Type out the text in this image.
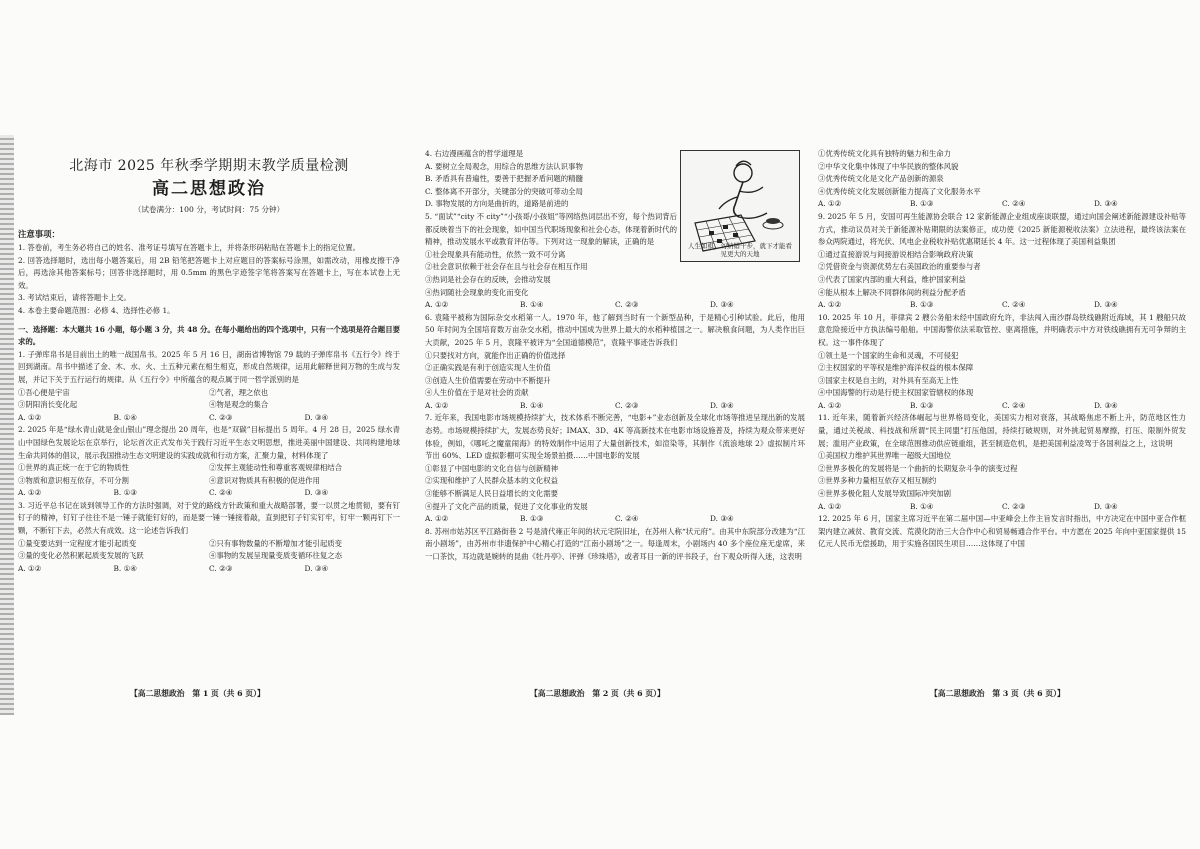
北海市 2025 年秋季学期期末教学质量检测
高二思想政治
（试卷满分：100 分，考试时间：75 分钟）
注意事项：

1. 答卷前，考生务必将自己的姓名、准考证号填写在答题卡上，并将条形码粘贴在答题卡上的指定位置。

2. 回答选择题时，选出每小题答案后，用 2B 铅笔把答题卡上对应题目的答案标号涂黑，如需改动，用橡皮擦干净后，再选涂其他答案标号；回答非选择题时，用 0.5mm 的黑色字迹签字笔将答案写在答题卡上，写在本试卷上无效。

3. 考试结束后，请将答题卡上交。

4. 本卷主要命题范围：必修 4、选择性必修 1。

一、选择题：本大题共 16 小题，每小题 3 分，共 48 分。在每小题给出的四个选项中，只有一个选项是符合题目要求的。

1. 子弹库帛书是目前出土的唯一战国帛书。2025 年 5 月 16 日，湖南省博物馆 79 载的子弹库帛书《五行令》终于回到湖南。帛书中描述了金、木、水、火、土五种元素在相生相克，形成自然规律，运用此解释世间万物的生成与发展，并记下关于五行运行的规律。从《五行令》中所蕴含的观点属于同一哲学派别的是

①吾心便是宇宙	②气者，理之依也
③阴阳消长变化起	④物是观念的集合
A. ①②	B. ①④	C. ②③	D. ③④

2. 2025 年是“绿水青山就是金山银山”理念提出 20 周年，也是“双碳”目标提出 5 周年。4 月 28 日，2025 绿水青山中国绿色发展论坛在京举行，论坛首次正式发布关于践行习近平生态文明思想，推进美丽中国建设、共同构建地球生命共同体的倡议，展示我国推动生态文明建设的实践成就和行动方案，汇聚力量，材料体现了

①世界的真正统一在于它的物质性	②发挥主观能动性和尊重客观规律相结合
③物质和意识相互依存，不可分割	④意识对物质具有积极的促进作用
A. ①②	B. ①③	C. ②④	D. ③④

3. 习近平总书记在谈到领导工作的方法时强调，对于党的路线方针政策和重大战略部署，要一以贯之地贯彻，要有钉钉子的精神，钉钉子往往不是一锤子就能钉好的，而是要一锤一锤接着敲，直到把钉子钉实钉牢，钉牢一颗再钉下一颗，不断钉下去，必然大有成效。这一论述告诉我们

①量变要达到一定程度才能引起质变	②只有事物数量的不断增加才能引起质变
③量的变化必然积累起质变发展的飞跃	④事物的发展呈现量变质变循环往复之态
A. ①②	B. ①④	C. ②③	D. ③④
人生如棋，勿纳错十步，就下才能看见更大的天地

4. 右边漫画蕴含的哲学道理是

A. 要树立全局观念，用综合的思维方法认识事物

B. 矛盾具有普遍性，要善于把握矛盾问题的精髓

C. 整体离不开部分，关键部分的突破可带动全局

D. 事物发展的方向是曲折的，道路是前进的

5. “面试”“city 不 city”“小孩哥/小孩姐”等网络热词层出不穷，每个热词背后都反映着当下的社会现象，如中国当代职场现象和社会心态，体现着新时代的精神，推动发展水平或教育评估等。下列对这一现象的解读，正确的是

①社会现象具有能动性，依然一致不可分离

②社会意识依赖于社会存在且与社会存在相互作用

③热词是社会存在的反映，会推动发展

④热词随社会现象的变化而变化

A. ①②	B. ①④	C. ②③	D. ③④

6. 袁隆平被称为国际杂交水稻第一人。1970 年，他了解到当时有一个新型品种，于是精心引种试验。此后，他用 50 年时间为全国培育数万亩杂交水稻，推动中国成为世界上最大的水稻种植国之一。解决粮食问题，为人类作出巨大贡献，2025 年 5 月，袁隆平被评为“全国道德模范”，袁隆平事迹告诉我们

①只要找对方向，就能作出正确的价值选择

②正确实践是有利于创造实现人生价值

③创造人生价值需要在劳动中不断提升

④人生价值在于是对社会的贡献

A. ①②	B. ①④	C. ②③	D. ③④

7. 近年来，我国电影市场规模持续扩大，技术体系不断完善，“电影+”业态创新及全球化市场等推进呈现出新的发展态势。市场规模持续扩大，发展态势良好；IMAX、3D、4K 等高新技术在电影市场设施普及，持续为观众带来更好体验，例如，《哪吒之魔童闹海》的特效制作中运用了大量创新技术，如渲染等，其制作《流浪地球 2》虚拟制片环节出 60%、LED 虚拟影棚可实现全场景拍摄……中国电影的发展

①彰显了中国电影的文化自信与创新精神

②实现和维护了人民群众基本的文化权益

③能够不断满足人民日益增长的文化需要

④提升了文化产品的质量，促进了文化事业的发展

A. ①②	B. ①③	C. ②④	D. ③④

8. 苏州市姑苏区平江路街巷 2 号是清代雍正年间的状元宅院旧址，在苏州人称“状元府”。由其中东院部分改建为“江南小剧场”，由苏州市非遗保护中心精心打造的“江南小剧场”之一。每逢周末，小剧场内 40 多个座位座无虚席，来一口茶饮，耳边就是婉转的昆曲《牡丹亭》、评弹《珍珠塔》，或者耳目一新的评书段子，台下观众听得入迷，这表明

①优秀传统文化具有独特的魅力和生命力

②中华文化集中体现了中华民族的整体风貌

③优秀传统文化是文化产品创新的源泉

④优秀传统文化发展创新能力提高了文化服务水平

A. ①②	B. ①③	C. ②④	D. ③④

9. 2025 年 5 月，安国可再生能源协会联合 12 家新能源企业组成座谈联盟，通过向国会阐述新能源建设补贴等方式，推动议员对关于新能源补贴期限的法案修正，成功使《2025 新能源税收法案》立法进程，最终该法案在参众两院通过，将光伏、风电企业税收补贴优惠期延长 4 年。这一过程体现了美国利益集团

①通过直接游说与间接游说相结合影响政府决策

②凭借资金与资源优势左右美国政治的重要参与者

③代表了国家内部的重大利益，维护国家利益

④能从根本上解决不同群体间的利益分配矛盾

A. ①②	B. ①③	C. ②④	D. ③④

10. 2025 年 10 月，菲律宾 2 艘公务船未经中国政府允许，非法闯入南沙群岛铁线礁附近海域，其 1 艘船只故意危险接近中方执法编号船舶。中国海警依法采取管控、驱离措施，并明确表示中方对铁线礁拥有无可争辩的主权。这一事件体现了

①领土是一个国家的生命和灵魂，不可侵犯

②主权国家的平等权是维护海洋权益的根本保障

③国家主权是自主的，对外具有至高无上性

④中国海警的行动是行使主权国家管辖权的体现

A. ①②	B. ①③	C. ②④	D. ③④

11. 近年来，随着新兴经济体崛起与世界格局变化，美国实力相对衰落，其战略焦虑不断上升，防范地区性力量，通过关税战、科技战和所谓“民主同盟”打压他国，持续打破规则，对外挑起贸易摩擦，打压、限制外贸发展；滥用产业政策，在全球范围推动供应链重组，甚至制造危机，是把美国利益凌驾于各国利益之上，这说明

①美国权力维护其世界唯一超级大国地位

②世界多极化的发展将是一个曲折的长期复杂斗争的演变过程

③世界多种力量相互依存又相互制约

④世界多极化阻人发展导致国际冲突加剧

A. ①②	B. ①④	C. ②③	D. ③④

12. 2025 年 6 月，国家主席习近平在第二届中国—中亚峰会上作主旨发言时指出，中方决定在中国中亚合作框架内建立减贫、教育交流、荒漠化防治三大合作中心和贸易畅通合作平台。中方愿在 2025 年向中亚国家提供 15 亿元人民币无偿援助，用于实施各国民生项目……这体现了中国

【高二思想政治　第 1 页（共 6 页）】	【高二思想政治　第 2 页（共 6 页）】	【高二思想政治　第 3 页（共 6 页）】
